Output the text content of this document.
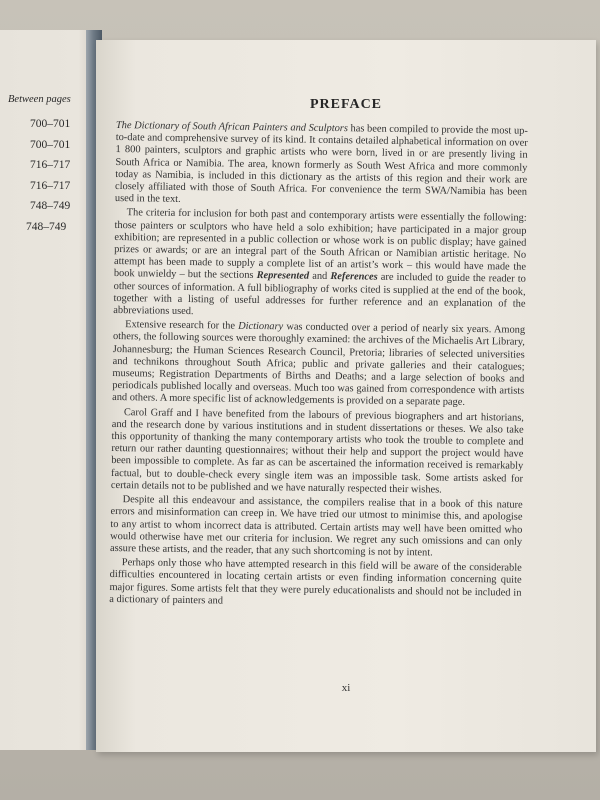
Between pages
700–701
700–701
716–717
716–717
748–749
748–749
PREFACE

The Dictionary of South African Painters and Sculptors has been compiled to provide the most up-to-date and comprehensive survey of its kind. It contains detailed alphabetical information on over 1 800 painters, sculptors and graphic artists who were born, lived in or are presently living in South Africa or Namibia. The area, known formerly as South West Africa and more commonly today as Namibia, is included in this dictionary as the artists of this region and their work are closely affiliated with those of South Africa. For convenience the term SWA/Namibia has been used in the text.

The criteria for inclusion for both past and contemporary artists were essentially the following: those painters or sculptors who have held a solo exhibition; have participated in a major group exhibition; are represented in a public collection or whose work is on public display; have gained prizes or awards; or are an integral part of the South African or Namibian artistic heritage. No attempt has been made to supply a complete list of an artist’s work – this would have made the book unwieldy – but the sections Represented and References are included to guide the reader to other sources of information. A full bibliography of works cited is supplied at the end of the book, together with a listing of useful addresses for further reference and an explanation of the abbreviations used.

Extensive research for the Dictionary was conducted over a period of nearly six years. Among others, the following sources were thoroughly examined: the archives of the Michaelis Art Library, Johannesburg; the Human Sciences Research Council, Pretoria; libraries of selected universities and technikons throughout South Africa; public and private galleries and their catalogues; museums; Registration Departments of Births and Deaths; and a large selection of books and periodicals published locally and overseas. Much too was gained from correspondence with artists and others. A more specific list of acknowledgements is provided on a separate page.

Carol Graff and I have benefited from the labours of previous biographers and art historians, and the research done by various institutions and in student dissertations or theses. We also take this opportunity of thanking the many contemporary artists who took the trouble to complete and return our rather daunting questionnaires; without their help and support the project would have been impossible to complete. As far as can be ascertained the information received is remarkably factual, but to double-check every single item was an impossible task. Some artists asked for certain details not to be published and we have naturally respected their wishes.

Despite all this endeavour and assistance, the compilers realise that in a book of this nature errors and misinformation can creep in. We have tried our utmost to minimise this, and apologise to any artist to whom incorrect data is attributed. Certain artists may well have been omitted who would otherwise have met our criteria for inclusion. We regret any such omissions and can only assure these artists, and the reader, that any such shortcoming is not by intent.

Perhaps only those who have attempted research in this field will be aware of the considerable difficulties encountered in locating certain artists or even finding information concerning quite major figures. Some artists felt that they were purely educationalists and should not be included in a dictionary of painters and

xi
